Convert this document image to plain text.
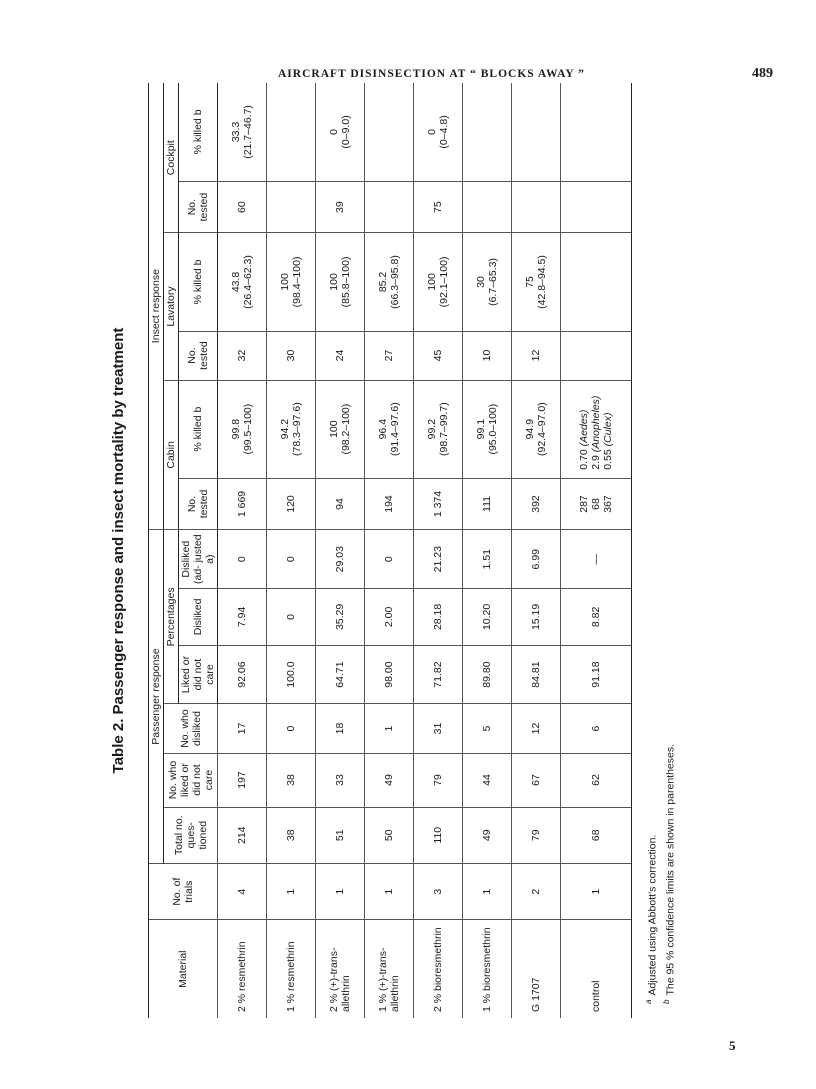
AIRCRAFT DISINSECTION AT “ BLOCKS AWAY ”	489
Table 2. Passenger response and insect mortality by treatment
Material	No. of trials	Passenger response						Insect response					
		Total no. ques- tioned	No. who liked or did not care	No. who disliked	Percentages			Cabin		Lavatory		Cockpit	
					Liked or did not care	Disliked	Disliked (ad- justed a)	No. tested	% killed b	No. tested	% killed b	No. tested	% killed b
2 % resmethrin	4	214	197	17	92.06	7.94	0	1 669	99.8 (99.5–100)	32	43.8 (26.4–62.3)	60	33.3 (21.7–46.7)

1 % resmethrin	1	38	38	0	100.0	0	0	120	94.2 (78.3–97.6)	30	100 (98.4–100)		

2 % (+)-trans-allethrin	1	51	33	18	64.71	35.29	29.03	94	100 (98.2–100)	24	100 (85.8–100)	39	0 (0–9.0)

1 % (+)-trans-allethrin	1	50	49	1	98.00	2.00	0	194	96.4 (91.4–97.6)	27	85.2 (66.3–95.8)		

2 % bioresmethrin	3	110	79	31	71.82	28.18	21.23	1 374	99.2 (98.7–99.7)	45	100 (92.1–100)	75	0 (0–4.8)

1 % bioresmethrin	1	49	44	5	89.80	10.20	1.51	111	99.1 (95.0–100)	10	30 (6.7–65.3)		

G 1707	2	79	67	12	84.81	15.19	6.99	392	94.9 (92.4–97.0)	12	75 (42.8–94.5)		

control	1	68	62	6	91.18	8.82	—	287 68 367	0.70 (Aedes)
2.9 (Anopheles)
0.55 (Culex)				

$^a$Adjusted using Abbott’s correction.
$^b$The 95 % confidence limits are shown in parentheses.
5
